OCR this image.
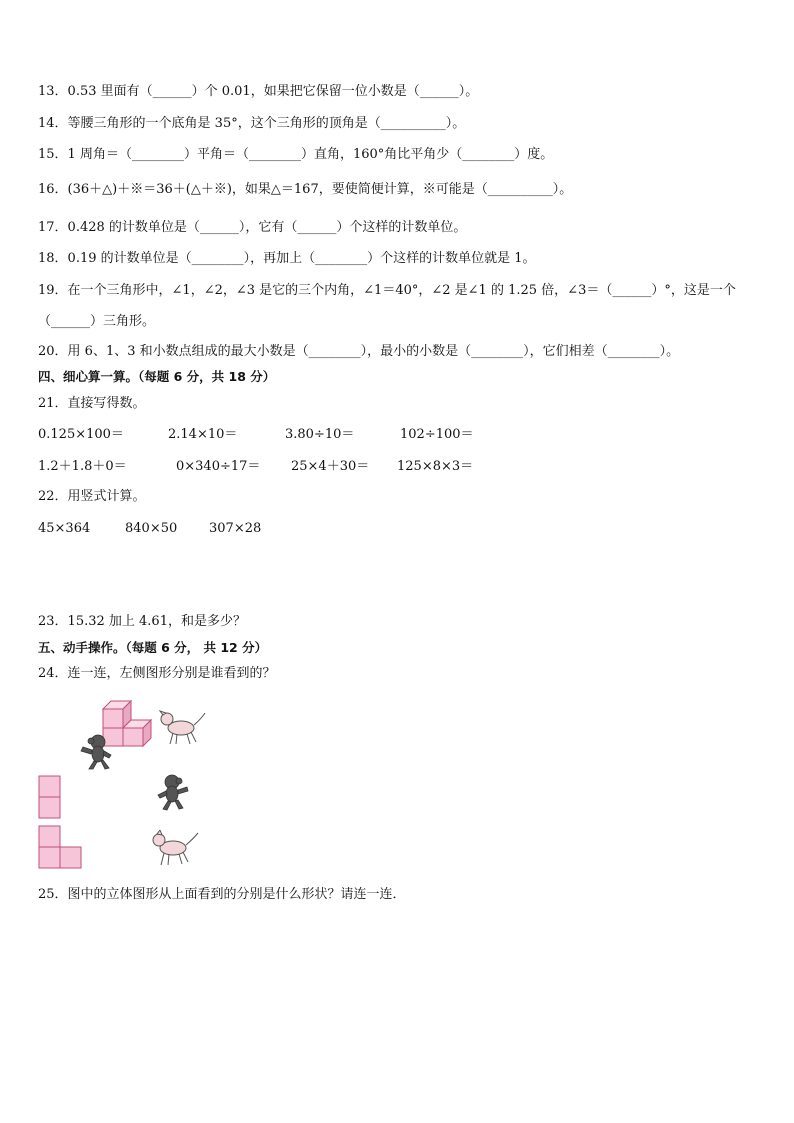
13．0.53 里面有（______）个 0.01，如果把它保留一位小数是（______）。
14．等腰三角形的一个底角是 35°，这个三角形的顶角是（__________）。
15．1 周角＝（________）平角＝（________）直角，160°角比平角少（________）度。
16．(36＋△)＋※＝36＋(△＋※)，如果△＝167，要使简便计算，※可能是（__________）。
17．0.428 的计数单位是（______），它有（______）个这样的计数单位。
18．0.19 的计数单位是（________），再加上（________）个这样的计数单位就是 1。
19．在一个三角形中，∠1，∠2，∠3 是它的三个内角，∠1＝40°，∠2 是∠1 的 1.25 倍，∠3＝（______）°，这是一个
（______）三角形。
20．用 6、1、3 和小数点组成的最大小数是（________），最小的小数是（________），它们相差（________）。
四、细心算一算。（每题 6 分，共 18 分）
21．直接写得数。
0.125×100＝	2.14×10＝	3.80÷10＝	102÷100＝
1.2＋1.8＋0＝	0×340÷17＝ 25×4＋30＝ 125×8×3＝
22．用竖式计算。
45×364	840×50 307×28
23．15.32 加上 4.61，和是多少？
五、动手操作。（每题 6 分， 共 12 分）
24．连一连，左侧图形分别是谁看到的？
25．图中的立体图形从上面看到的分别是什么形状？请连一连．
